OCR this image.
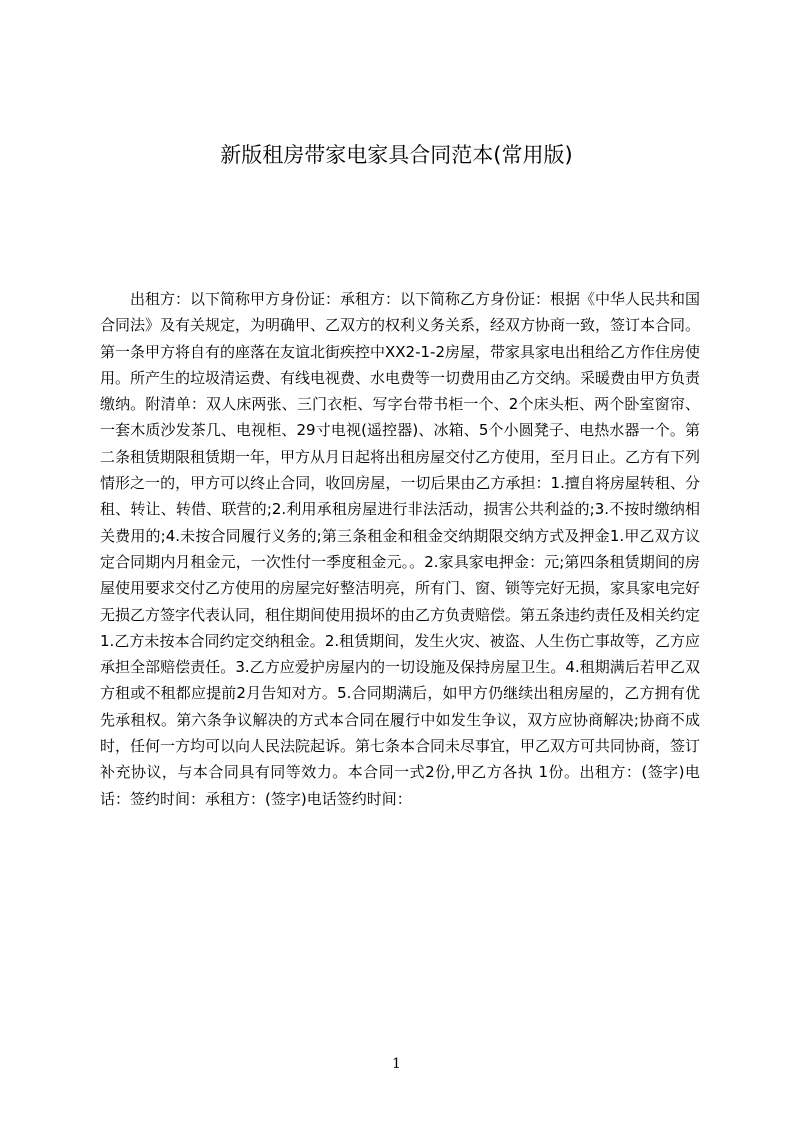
新版租房带家电家具合同范本(常用版)

出租方：以下简称甲方身份证：承租方：以下简称乙方身份证：根据《中华人民共和国合同法》及有关规定，为明确甲、乙双方的权利义务关系，经双方协商一致，签订本合同。第一条甲方将自有的座落在友谊北街疾控中XX2-1-2房屋，带家具家电出租给乙方作住房使用。所产生的垃圾清运费、有线电视费、水电费等一切费用由乙方交纳。采暖费由甲方负责缴纳。附清单：双人床两张、三门衣柜、写字台带书柜一个、2个床头柜、两个卧室窗帘、一套木质沙发茶几、电视柜、29寸电视(遥控器)、冰箱、5个小圆凳子、电热水器一个。第二条租赁期限租赁期一年，甲方从月日起将出租房屋交付乙方使用，至月日止。乙方有下列情形之一的，甲方可以终止合同，收回房屋，一切后果由乙方承担：1.擅自将房屋转租、分租、转让、转借、联营的;2.利用承租房屋进行非法活动，损害公共利益的;3.不按时缴纳相关费用的;4.未按合同履行义务的;第三条租金和租金交纳期限交纳方式及押金1.甲乙双方议定合同期内月租金元，一次性付一季度租金元。。2.家具家电押金：元;第四条租赁期间的房屋使用要求交付乙方使用的房屋完好整洁明亮，所有门、窗、锁等完好无损，家具家电完好无损乙方签字代表认同，租住期间使用损坏的由乙方负责赔偿。第五条违约责任及相关约定1.乙方未按本合同约定交纳租金。2.租赁期间，发生火灾、被盗、人生伤亡事故等，乙方应承担全部赔偿责任。3.乙方应爱护房屋内的一切设施及保持房屋卫生。4.租期满后若甲乙双方租或不租都应提前2月告知对方。5.合同期满后，如甲方仍继续出租房屋的，乙方拥有优先承租权。第六条争议解决的方式本合同在履行中如发生争议，双方应协商解决;协商不成时，任何一方均可以向人民法院起诉。第七条本合同未尽事宜，甲乙双方可共同协商，签订补充协议，与本合同具有同等效力。本合同一式2份,甲乙方各执 1份。出租方：(签字)电话：签约时间：承租方：(签字)电话签约时间：

1
